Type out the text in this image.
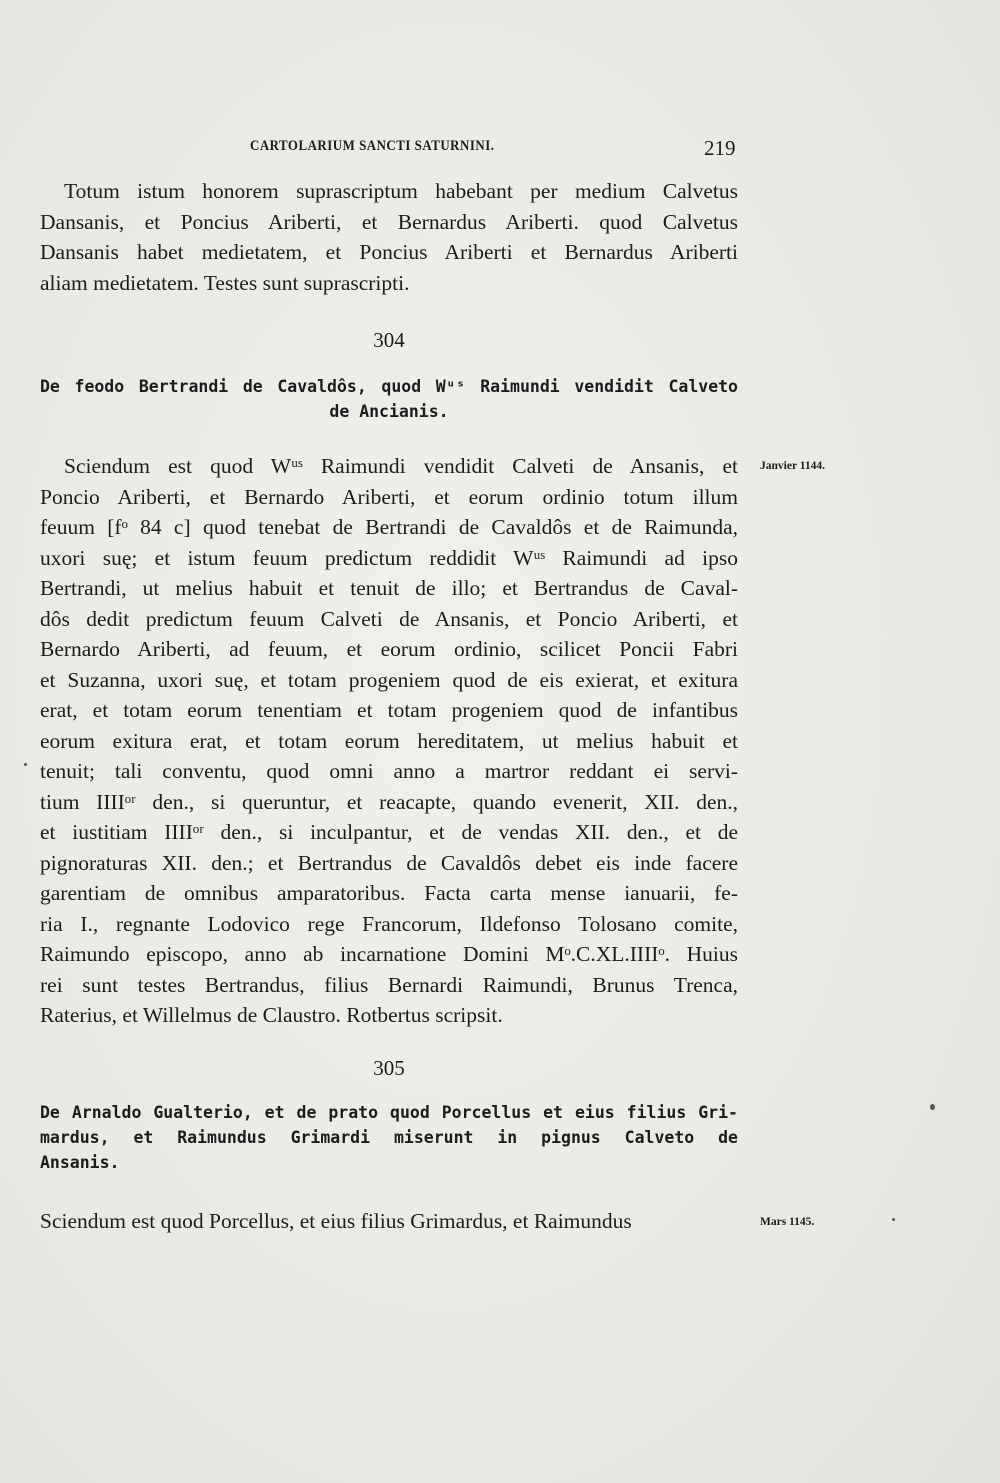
CARTOLARIUM SANCTI SATURNINI.	219
Totum istum honorem suprascriptum habebant per medium Calvetus
Dansanis, et Poncius Ariberti, et Bernardus Ariberti. quod Calvetus
Dansanis habet medietatem, et Poncius Ariberti et Bernardus Ariberti
aliam medietatem. Testes sunt suprascripti.
304
De feodo Bertrandi de Cavaldôs, quod Wᵘˢ Raimundi vendidit Calveto
de Ancianis.
Janvier 1144.
Sciendum est quod Wᵘˢ Raimundi vendidit Calveti de Ansanis, et
Poncio Ariberti, et Bernardo Ariberti, et eorum ordinio totum illum
feuum [fᵒ 84 c] quod tenebat de Bertrandi de Cavaldôs et de Raimunda,
uxori suę; et istum feuum predictum reddidit Wᵘˢ Raimundi ad ipso
Bertrandi, ut melius habuit et tenuit de illo; et Bertrandus de Caval-
dôs dedit predictum feuum Calveti de Ansanis, et Poncio Ariberti, et
Bernardo Ariberti, ad feuum, et eorum ordinio, scilicet Poncii Fabri
et Suzanna, uxori suę, et totam progeniem quod de eis exierat, et exitura
erat, et totam eorum tenentiam et totam progeniem quod de infantibus
eorum exitura erat, et totam eorum hereditatem, ut melius habuit et
tenuit; tali conventu, quod omni anno a martror reddant ei servi-
tium IIIIᵒʳ den., si queruntur, et reacapte, quando evenerit, XII. den.,
et iustitiam IIIIᵒʳ den., si inculpantur, et de vendas XII. den., et de
pignoraturas XII. den.; et Bertrandus de Cavaldôs debet eis inde facere
garentiam de omnibus amparatoribus. Facta carta mense ianuarii, fe-
ria I., regnante Lodovico rege Francorum, Ildefonso Tolosano comite,
Raimundo episcopo, anno ab incarnatione Domini Mᵒ.C.XL.IIIIᵒ. Huius
rei sunt testes Bertrandus, filius Bernardi Raimundi, Brunus Trenca,
Raterius, et Willelmus de Claustro. Rotbertus scripsit.
305
De Arnaldo Gualterio, et de prato quod Porcellus et eius filius Gri-
mardus, et Raimundus Grimardi miserunt in pignus Calveto de
Ansanis.
Mars 1145.
Sciendum est quod Porcellus, et eius filius Grimardus, et Raimundus
